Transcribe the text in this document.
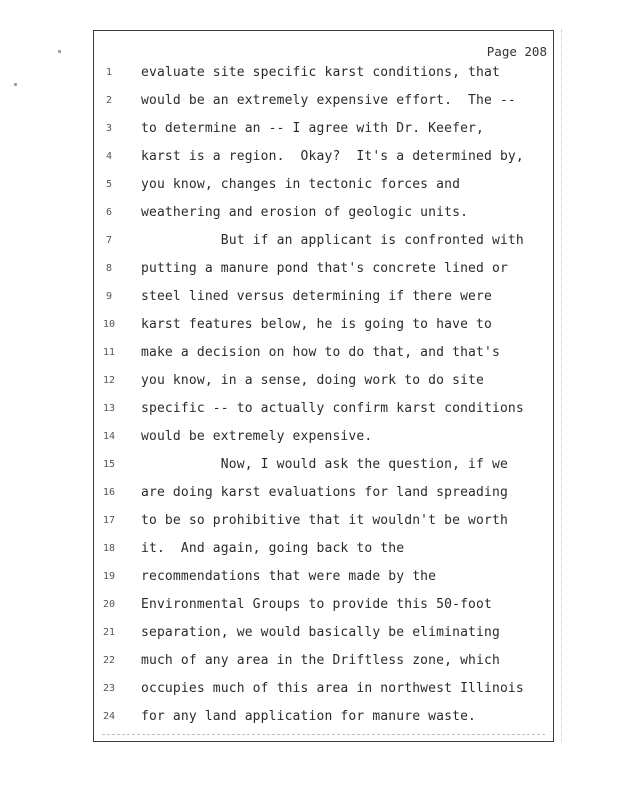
Page 208
1	evaluate site specific karst conditions, that
2	would be an extremely expensive effort.  The --
3	to determine an -- I agree with Dr. Keefer,
4	karst is a region.  Okay?  It's a determined by,
5	you know, changes in tectonic forces and
6	weathering and erosion of geologic units.
7	But if an applicant is confronted with
8	putting a manure pond that's concrete lined or
9	steel lined versus determining if there were
10 karst features below, he is going to have to
11 make a decision on how to do that, and that's
12 you know, in a sense, doing work to do site
13 specific -- to actually confirm karst conditions
14 would be extremely expensive.
15 Now, I would ask the question, if we
16 are doing karst evaluations for land spreading
17 to be so prohibitive that it wouldn't be worth
18 it.  And again, going back to the
19 recommendations that were made by the
20 Environmental Groups to provide this 50-foot
21 separation, we would basically be eliminating
22 much of any area in the Driftless zone, which
23 occupies much of this area in northwest Illinois
24 for any land application for manure waste.
